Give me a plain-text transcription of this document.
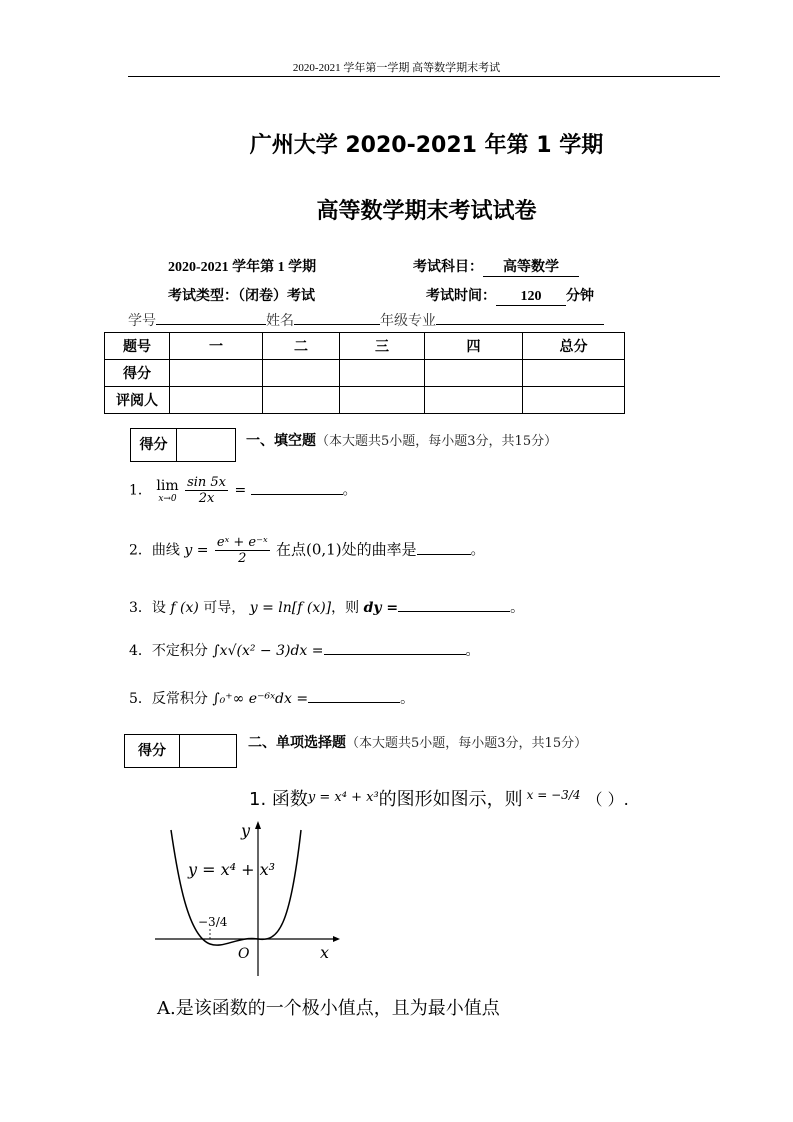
2020-2021 学年第一学期 高等数学期末考试
广州大学 2020-2021 年第 1 学期
高等数学期末考试试卷
2020-2021 学年第 1 学期	考试科目： 高等数学
考试类型：（闭卷）考试	考试时间： 120 分钟
学号	姓名	年级专业
题号	一	二	三	四	总分
得分					
评阅人					
得分	一、填空题（本大题共5小题，每小题3分，共15分）
1． lim
x→0
$\frac{\sin 5x}{2x}$ =	。
2．曲线 $y = \frac{\text{eˣ + e⁻ˣ}}{2}$ 在点(0,1)处的曲率是	。
3．设 f (x) 可导， y = ln[f (x)]，则 dy =	。
4．不定积分 ∫x√(x² − 3)dx =	。
5．反常积分 ∫₀⁺∞ e⁻⁶ˣdx =	。
得分	二、单项选择题（本大题共5小题，每小题3分，共15分）
1. 函数$^{y = x^4 + x^3}$的图形如图示，则 $^{x = -3/4}$ （ ）.
y
x
O
y = x⁴ + x³
−3/4
A.是该函数的一个极小值点，且为最小值点
